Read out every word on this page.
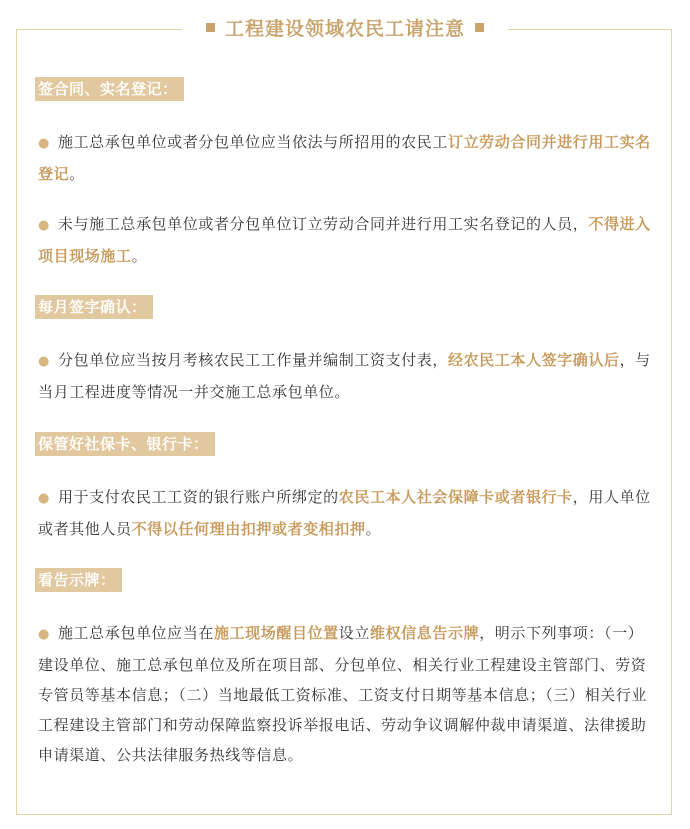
工程建设领域农民工请注意
签合同、实名登记：
● 施工总承包单位或者分包单位应当依法与所招用的农民工订立劳动合同并进行用工实名登记。
● 未与施工总承包单位或者分包单位订立劳动合同并进行用工实名登记的人员，不得进入项目现场施工。
每月签字确认：
● 分包单位应当按月考核农民工工作量并编制工资支付表，经农民工本人签字确认后，与当月工程进度等情况一并交施工总承包单位。
保管好社保卡、银行卡：
● 用于支付农民工工资的银行账户所绑定的农民工本人社会保障卡或者银行卡，用人单位或者其他人员不得以任何理由扣押或者变相扣押。
看告示牌：
● 施工总承包单位应当在施工现场醒目位置设立维权信息告示牌，明示下列事项：（一）建设单位、施工总承包单位及所在项目部、分包单位、相关行业工程建设主管部门、劳资专管员等基本信息；（二）当地最低工资标准、工资支付日期等基本信息；（三）相关行业工程建设主管部门和劳动保障监察投诉举报电话、劳动争议调解仲裁申请渠道、法律援助申请渠道、公共法律服务热线等信息。
